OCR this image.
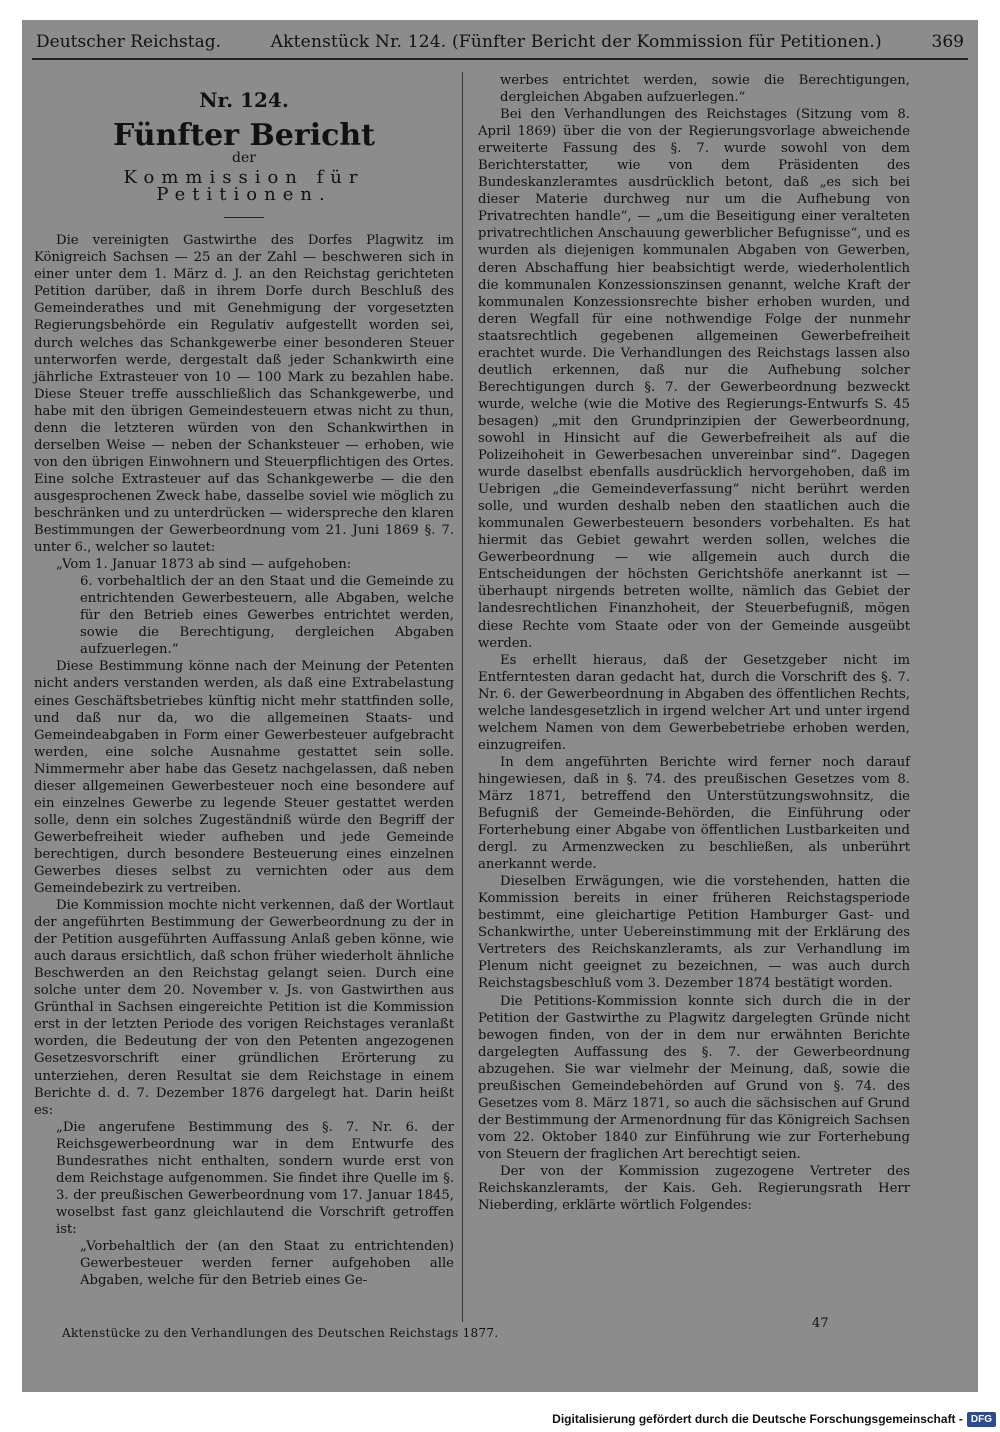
Deutscher Reichstag.	Aktenstück Nr. 124. (Fünfter Bericht der Kommission für Petitionen.)	369
Nr. 124.
Fünfter Bericht
der
Kommission für Petitionen.

Die vereinigten Gastwirthe des Dorfes Plagwitz im Königreich Sachsen — 25 an der Zahl — beschweren sich in einer unter dem 1. März d. J. an den Reichstag gerichteten Petition darüber, daß in ihrem Dorfe durch Beschluß des Gemeinderathes und mit Genehmigung der vorgesetzten Regierungsbehörde ein Regulativ aufgestellt worden sei, durch welches das Schankgewerbe einer besonderen Steuer unterworfen werde, dergestalt daß jeder Schankwirth eine jährliche Extrasteuer von 10 — 100 Mark zu bezahlen habe. Diese Steuer treffe ausschließlich das Schankgewerbe, und habe mit den übrigen Gemeindesteuern etwas nicht zu thun, denn die letzteren würden von den Schankwirthen in derselben Weise — neben der Schanksteuer — erhoben, wie von den übrigen Einwohnern und Steuerpflichtigen des Ortes. Eine solche Extrasteuer auf das Schankgewerbe — die den ausgesprochenen Zweck habe, dasselbe soviel wie möglich zu beschränken und zu unterdrücken — widerspreche den klaren Bestimmungen der Gewerbeordnung vom 21. Juni 1869 §. 7. unter 6., welcher so lautet:

„Vom 1. Januar 1873 ab sind — aufgehoben:

6. vorbehaltlich der an den Staat und die Gemeinde zu entrichtenden Gewerbesteuern, alle Abgaben, welche für den Betrieb eines Gewerbes entrichtet werden, sowie die Berechtigung, dergleichen Abgaben aufzuerlegen.“

Diese Bestimmung könne nach der Meinung der Petenten nicht anders verstanden werden, als daß eine Extrabelastung eines Geschäftsbetriebes künftig nicht mehr stattfinden solle, und daß nur da, wo die allgemeinen Staats- und Gemeindeabgaben in Form einer Gewerbesteuer aufgebracht werden, eine solche Ausnahme gestattet sein solle. Nimmermehr aber habe das Gesetz nachgelassen, daß neben dieser allgemeinen Gewerbesteuer noch eine besondere auf ein einzelnes Gewerbe zu legende Steuer gestattet werden solle, denn ein solches Zugeständniß würde den Begriff der Gewerbefreiheit wieder aufheben und jede Gemeinde berechtigen, durch besondere Besteuerung eines einzelnen Gewerbes dieses selbst zu vernichten oder aus dem Gemeindebezirk zu vertreiben.

Die Kommission mochte nicht verkennen, daß der Wortlaut der angeführten Bestimmung der Gewerbeordnung zu der in der Petition ausgeführten Auffassung Anlaß geben könne, wie auch daraus ersichtlich, daß schon früher wiederholt ähnliche Beschwerden an den Reichstag gelangt seien. Durch eine solche unter dem 20. November v. Js. von Gastwirthen aus Grünthal in Sachsen eingereichte Petition ist die Kommission erst in der letzten Periode des vorigen Reichstages veranlaßt worden, die Bedeutung der von den Petenten angezogenen Gesetzesvorschrift einer gründlichen Erörterung zu unterziehen, deren Resultat sie dem Reichstage in einem Berichte d. d. 7. Dezember 1876 dargelegt hat. Darin heißt es:

„Die angerufene Bestimmung des §. 7. Nr. 6. der Reichsgewerbeordnung war in dem Entwurfe des Bundesrathes nicht enthalten, sondern wurde erst von dem Reichstage aufgenommen. Sie findet ihre Quelle im §. 3. der preußischen Gewerbeordnung vom 17. Januar 1845, woselbst fast ganz gleichlautend die Vorschrift getroffen ist:

„Vorbehaltlich der (an den Staat zu entrichtenden) Gewerbesteuer werden ferner aufgehoben alle Abgaben, welche für den Betrieb eines Ge-

werbes entrichtet werden, sowie die Berechtigungen, dergleichen Abgaben aufzuerlegen.“

Bei den Verhandlungen des Reichstages (Sitzung vom 8. April 1869) über die von der Regierungsvorlage abweichende erweiterte Fassung des §. 7. wurde sowohl von dem Berichterstatter, wie von dem Präsidenten des Bundeskanzleramtes ausdrücklich betont, daß „es sich bei dieser Materie durchweg nur um die Aufhebung von Privatrechten handle“, — „um die Beseitigung einer veralteten privatrechtlichen Anschauung gewerblicher Befugnisse“, und es wurden als diejenigen kommunalen Abgaben von Gewerben, deren Abschaffung hier beabsichtigt werde, wiederholentlich die kommunalen Konzessionszinsen genannt, welche Kraft der kommunalen Konzessionsrechte bisher erhoben wurden, und deren Wegfall für eine nothwendige Folge der nunmehr staatsrechtlich gegebenen allgemeinen Gewerbefreiheit erachtet wurde. Die Verhandlungen des Reichstags lassen also deutlich erkennen, daß nur die Aufhebung solcher Berechtigungen durch §. 7. der Gewerbeordnung bezweckt wurde, welche (wie die Motive des Regierungs-Entwurfs S. 45 besagen) „mit den Grundprinzipien der Gewerbeordnung, sowohl in Hinsicht auf die Gewerbefreiheit als auf die Polizeihoheit in Gewerbesachen unvereinbar sind“. Dagegen wurde daselbst ebenfalls ausdrücklich hervorgehoben, daß im Uebrigen „die Gemeindeverfassung“ nicht berührt werden solle, und wurden deshalb neben den staatlichen auch die kommunalen Gewerbesteuern besonders vorbehalten. Es hat hiermit das Gebiet gewahrt werden sollen, welches die Gewerbeordnung — wie allgemein auch durch die Entscheidungen der höchsten Gerichtshöfe anerkannt ist — überhaupt nirgends betreten wollte, nämlich das Gebiet der landesrechtlichen Finanzhoheit, der Steuerbefugniß, mögen diese Rechte vom Staate oder von der Gemeinde ausgeübt werden.

Es erhellt hieraus, daß der Gesetzgeber nicht im Entferntesten daran gedacht hat, durch die Vorschrift des §. 7. Nr. 6. der Gewerbeordnung in Abgaben des öffentlichen Rechts, welche landesgesetzlich in irgend welcher Art und unter irgend welchem Namen von dem Gewerbebetriebe erhoben werden, einzugreifen.

In dem angeführten Berichte wird ferner noch darauf hingewiesen, daß in §. 74. des preußischen Gesetzes vom 8. März 1871, betreffend den Unterstützungswohnsitz, die Befugniß der Gemeinde-Behörden, die Einführung oder Forterhebung einer Abgabe von öffentlichen Lustbarkeiten und dergl. zu Armenzwecken zu beschließen, als unberührt anerkannt werde.

Dieselben Erwägungen, wie die vorstehenden, hatten die Kommission bereits in einer früheren Reichstagsperiode bestimmt, eine gleichartige Petition Hamburger Gast- und Schankwirthe, unter Uebereinstimmung mit der Erklärung des Vertreters des Reichskanzleramts, als zur Verhandlung im Plenum nicht geeignet zu bezeichnen, — was auch durch Reichstagsbeschluß vom 3. Dezember 1874 bestätigt worden.

Die Petitions-Kommission konnte sich durch die in der Petition der Gastwirthe zu Plagwitz dargelegten Gründe nicht bewogen finden, von der in dem nur erwähnten Berichte dargelegten Auffassung des §. 7. der Gewerbeordnung abzugehen. Sie war vielmehr der Meinung, daß, sowie die preußischen Gemeindebehörden auf Grund von §. 74. des Gesetzes vom 8. März 1871, so auch die sächsischen auf Grund der Bestimmung der Armenordnung für das Königreich Sachsen vom 22. Oktober 1840 zur Einführung wie zur Forterhebung von Steuern der fraglichen Art berechtigt seien.

Der von der Kommission zugezogene Vertreter des Reichskanzleramts, der Kais. Geh. Regierungsrath Herr Nieberding, erklärte wörtlich Folgendes:

Aktenstücke zu den Verhandlungen des Deutschen Reichstags 1877.
47
Digitalisierung gefördert durch die Deutsche Forschungsgemeinschaft - DFG
